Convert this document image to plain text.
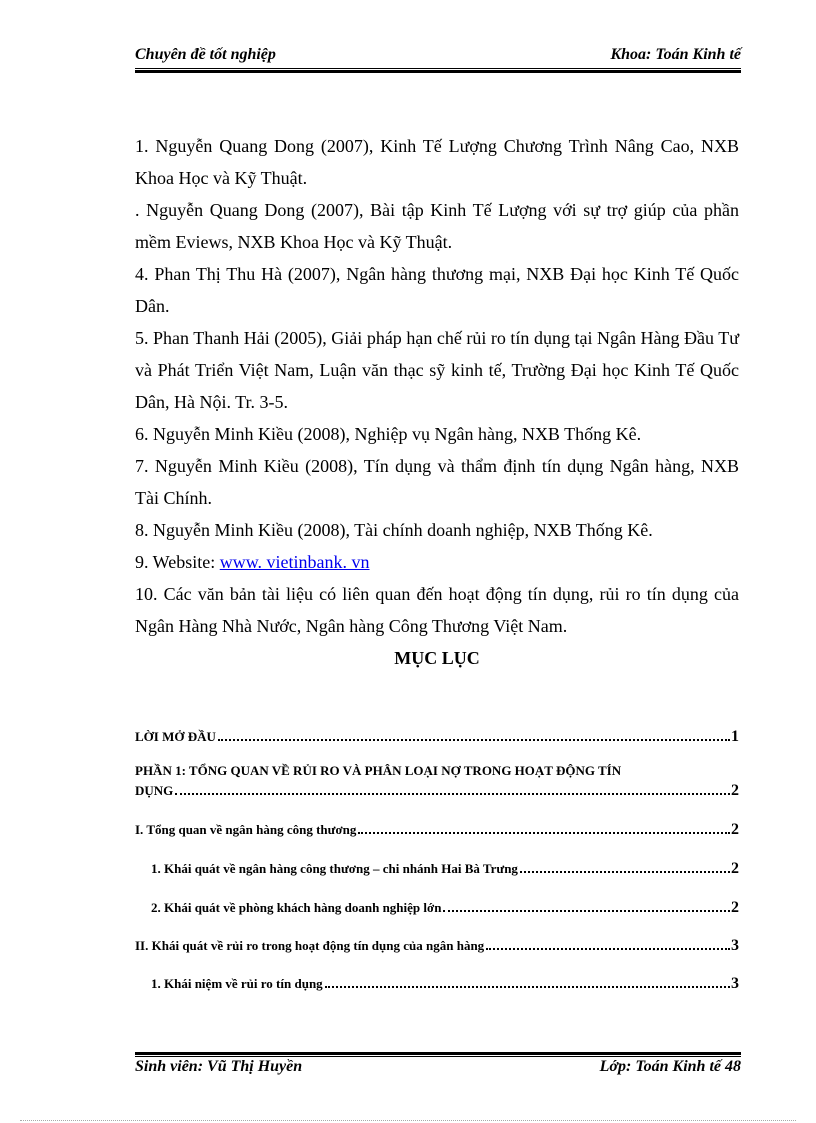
Chuyên đề tốt nghiệp	Khoa: Toán Kinh tế
1. Nguyễn Quang Dong (2007), Kinh Tế Lượng Chương Trình Nâng Cao, NXB Khoa Học và Kỹ Thuật.
. Nguyễn Quang Dong (2007), Bài tập Kinh Tế Lượng với sự trợ giúp của phần mềm Eviews, NXB Khoa Học và Kỹ Thuật.
4. Phan Thị Thu Hà (2007), Ngân hàng thương mại, NXB Đại học Kinh Tế Quốc Dân.
5. Phan Thanh Hải (2005), Giải pháp hạn chế rủi ro tín dụng tại Ngân Hàng Đầu Tư và Phát Triển Việt Nam, Luận văn thạc sỹ kinh tế, Trường Đại học Kinh Tế Quốc Dân, Hà Nội. Tr. 3-5.
6. Nguyễn Minh Kiều (2008), Nghiệp vụ Ngân hàng, NXB Thống Kê.
7. Nguyễn Minh Kiều (2008), Tín dụng và thẩm định tín dụng Ngân hàng, NXB Tài Chính.
8. Nguyễn Minh Kiều (2008), Tài chính doanh nghiệp, NXB Thống Kê.
9. Website: www. vietinbank. vn
10. Các văn bản tài liệu có liên quan đến hoạt động tín dụng, rủi ro tín dụng của Ngân Hàng Nhà Nước, Ngân hàng Công Thương Việt Nam.
MỤC LỤC
LỜI MỞ ĐẦU	1
PHẦN 1: TỔNG QUAN VỀ RỦI RO VÀ PHÂN LOẠI NỢ TRONG HOẠT ĐỘNG TÍN
DỤNG	2
I. Tổng quan về ngân hàng công thương	2
1. Khái quát về ngân hàng công thương – chi nhánh Hai Bà Trưng	2
2. Khái quát về phòng khách hàng doanh nghiệp lớn	2
II. Khái quát về rủi ro trong hoạt động tín dụng của ngân hàng	3
1. Khái niệm về rủi ro tín dụng	3
Sinh viên: Vũ Thị Huyền	Lớp: Toán Kinh tế 48
